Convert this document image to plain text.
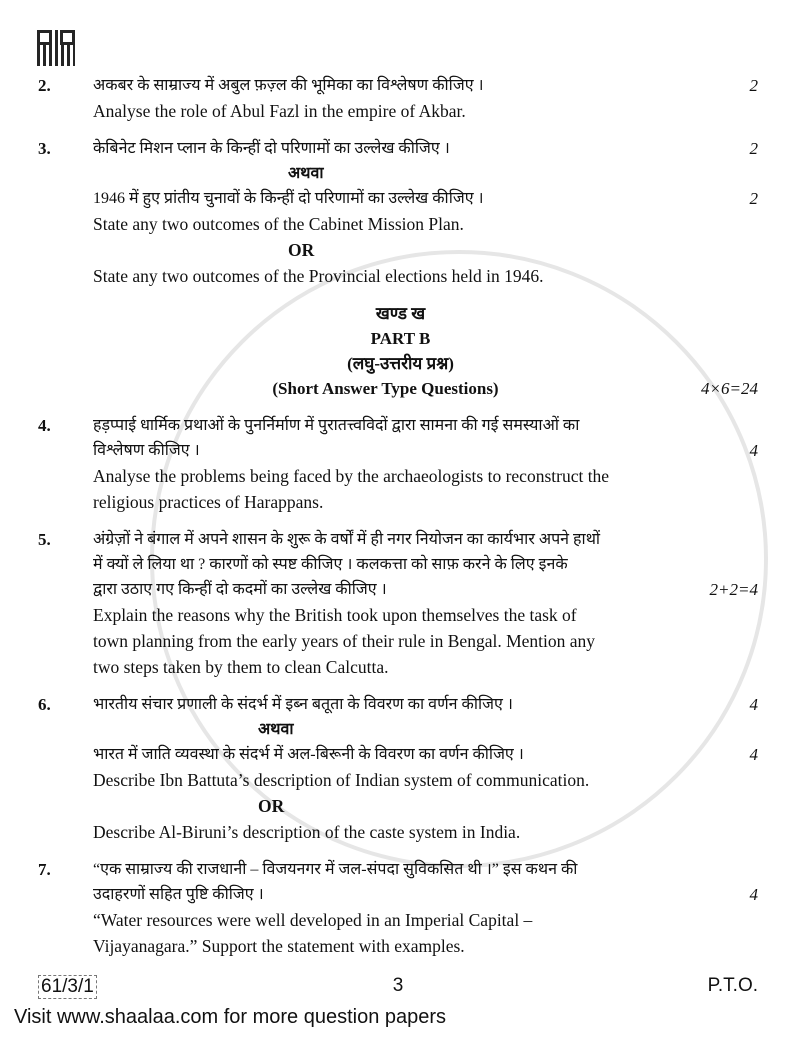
2.	अकबर के साम्राज्य में अबुल फ़ज़्ल की भूमिका का विश्लेषण कीजिए ।	2
Analyse the role of Abul Fazl in the empire of Akbar.
3.	केबिनेट मिशन प्लान के किन्हीं दो परिणामों का उल्लेख कीजिए ।	2
अथवा
1946 में हुए प्रांतीय चुनावों के किन्हीं दो परिणामों का उल्लेख कीजिए ।	2
State any two outcomes of the Cabinet Mission Plan.
OR
State any two outcomes of the Provincial elections held in 1946.
खण्ड ख
PART B
(लघु-उत्तरीय प्रश्न)
(Short Answer Type Questions)	4×6=24
4.	हड़प्पाई धार्मिक प्रथाओं के पुनर्निर्माण में पुरातत्त्वविदों द्वारा सामना की गई समस्याओं का
विश्लेषण कीजिए ।	4
Analyse the problems being faced by the archaeologists to reconstruct the
religious practices of Harappans.
5.	अंग्रेज़ों ने बंगाल में अपने शासन के शुरू के वर्षों में ही नगर नियोजन का कार्यभार अपने हाथों
में क्यों ले लिया था ? कारणों को स्पष्ट कीजिए । कलकत्ता को साफ़ करने के लिए इनके
द्वारा उठाए गए किन्हीं दो कदमों का उल्लेख कीजिए ।	2+2=4
Explain the reasons why the British took upon themselves the task of
town planning from the early years of their rule in Bengal. Mention any
two steps taken by them to clean Calcutta.
6.	भारतीय संचार प्रणाली के संदर्भ में इब्न बतूता के विवरण का वर्णन कीजिए ।	4
अथवा
भारत में जाति व्यवस्था के संदर्भ में अल-बिरूनी के विवरण का वर्णन कीजिए ।	4
Describe Ibn Battuta’s description of Indian system of communication.
OR
Describe Al-Biruni’s description of the caste system in India.
7.	“एक साम्राज्य की राजधानी – विजयनगर में जल-संपदा सुविकसित थी ।” इस कथन की
उदाहरणों सहित पुष्टि कीजिए ।	4
“Water resources were well developed in an Imperial Capital –
Vijayanagara.” Support the statement with examples.
61/3/1	3	P.T.O.
Visit www.shaalaa.com for more question papers
